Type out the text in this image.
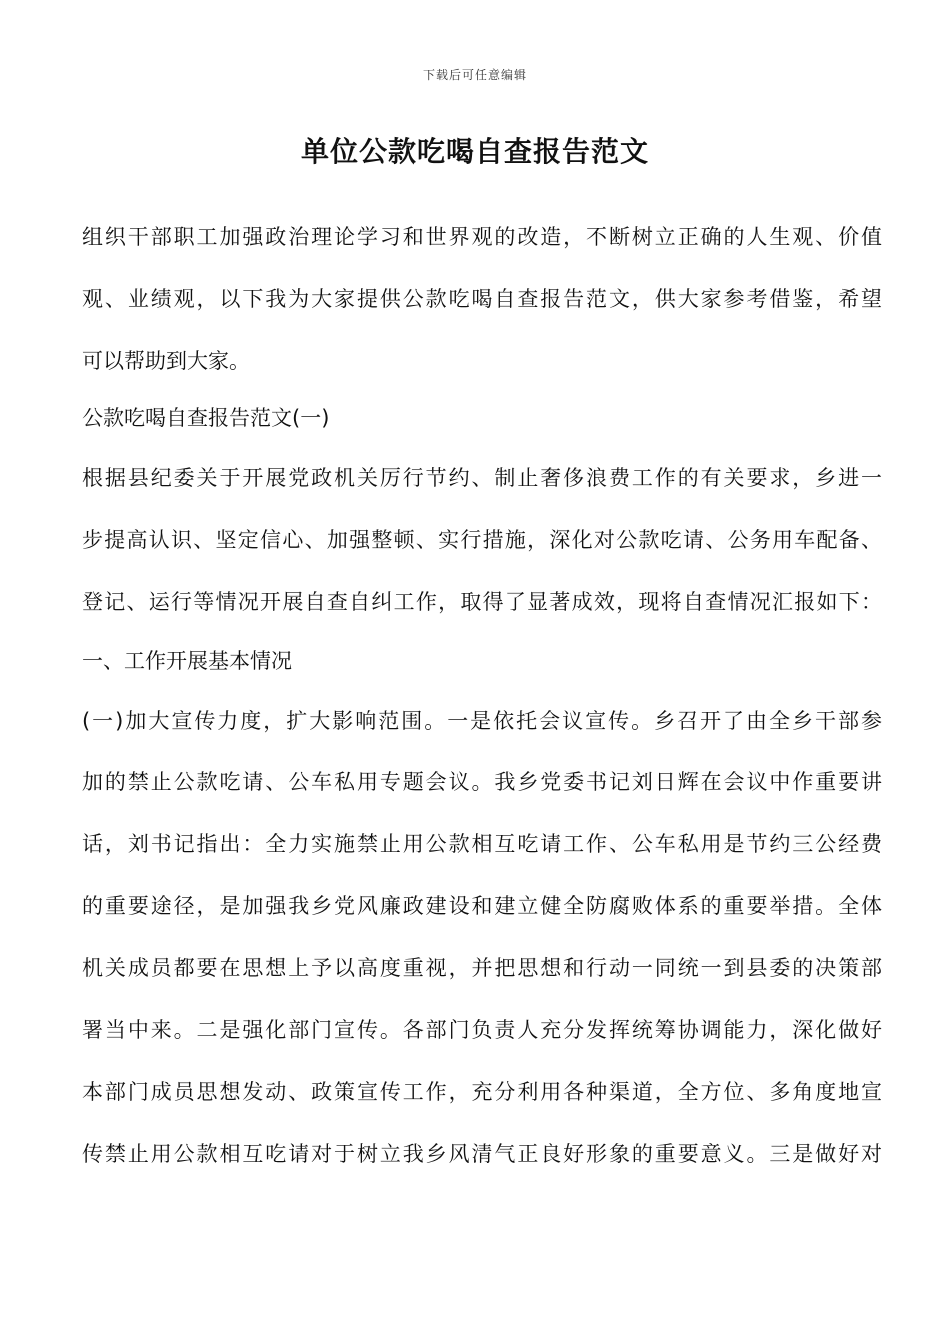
下载后可任意编辑
单位公款吃喝自查报告范文
组织干部职工加强政治理论学习和世界观的改造，不断树立正确的人生观、价值
观、业绩观，以下我为大家提供公款吃喝自查报告范文，供大家参考借鉴，希望
可以帮助到大家。
公款吃喝自查报告范文(一)
根据县纪委关于开展党政机关厉行节约、制止奢侈浪费工作的有关要求，乡进一
步提高认识、坚定信心、加强整顿、实行措施，深化对公款吃请、公务用车配备、
登记、运行等情况开展自查自纠工作，取得了显著成效，现将自查情况汇报如下：
一、工作开展基本情况
(一)加大宣传力度，扩大影响范围。一是依托会议宣传。乡召开了由全乡干部参
加的禁止公款吃请、公车私用专题会议。我乡党委书记刘日辉在会议中作重要讲
话，刘书记指出：全力实施禁止用公款相互吃请工作、公车私用是节约三公经费
的重要途径，是加强我乡党风廉政建设和建立健全防腐败体系的重要举措。全体
机关成员都要在思想上予以高度重视，并把思想和行动一同统一到县委的决策部
署当中来。二是强化部门宣传。各部门负责人充分发挥统筹协调能力，深化做好
本部门成员思想发动、政策宣传工作，充分利用各种渠道，全方位、多角度地宣
传禁止用公款相互吃请对于树立我乡风清气正良好形象的重要意义。三是做好对
